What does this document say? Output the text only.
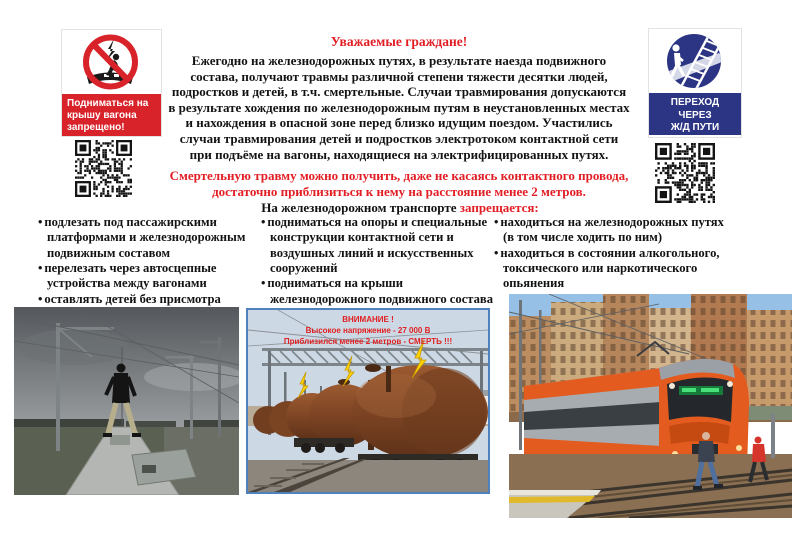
Подниматься на крышу вагона запрещено!

Уважаемые граждане!

Ежегодно на железнодорожных путях, в результате наезда подвижного состава, получают травмы различной степени тяжести десятки людей, подростков и детей, в т.ч. смертельные. Случаи травмирования допускаются в результате хождения по железнодорожным путям в неустановленных местах и нахождения в опасной зоне перед близко идущим поездом. Участились случаи травмирования детей и подростков электротоком контактной сети при подъёме на вагоны, находящиеся на электрифицированных путях.

Смертельную травму можно получить, даже не касаясь контактного провода, достаточно приблизиться к нему на расстояние менее 2 метров.

ПЕРЕХОД
ЧЕРЕЗ
Ж/Д ПУТИ
На железнодорожном транспорте запрещается:
• подлезать под пассажирскими платформами и железнодорожным подвижным составом
• перелезать через автосцепные устройства между вагонами
• оставлять детей без присмотра
• подниматься на опоры и специальные конструкции контактной сети и воздушных линий и искусственных сооружений
• подниматься на крыши железнодорожного подвижного состава
• находиться на железнодорожных путях (в том числе ходить по ним)
• находиться в состоянии алкогольного, токсического или наркотического опьянения
ВНИМАНИЕ !
Высокое напряжение - 27 000 В
Приблизился менее 2 метров - СМЕРТЬ !!!
